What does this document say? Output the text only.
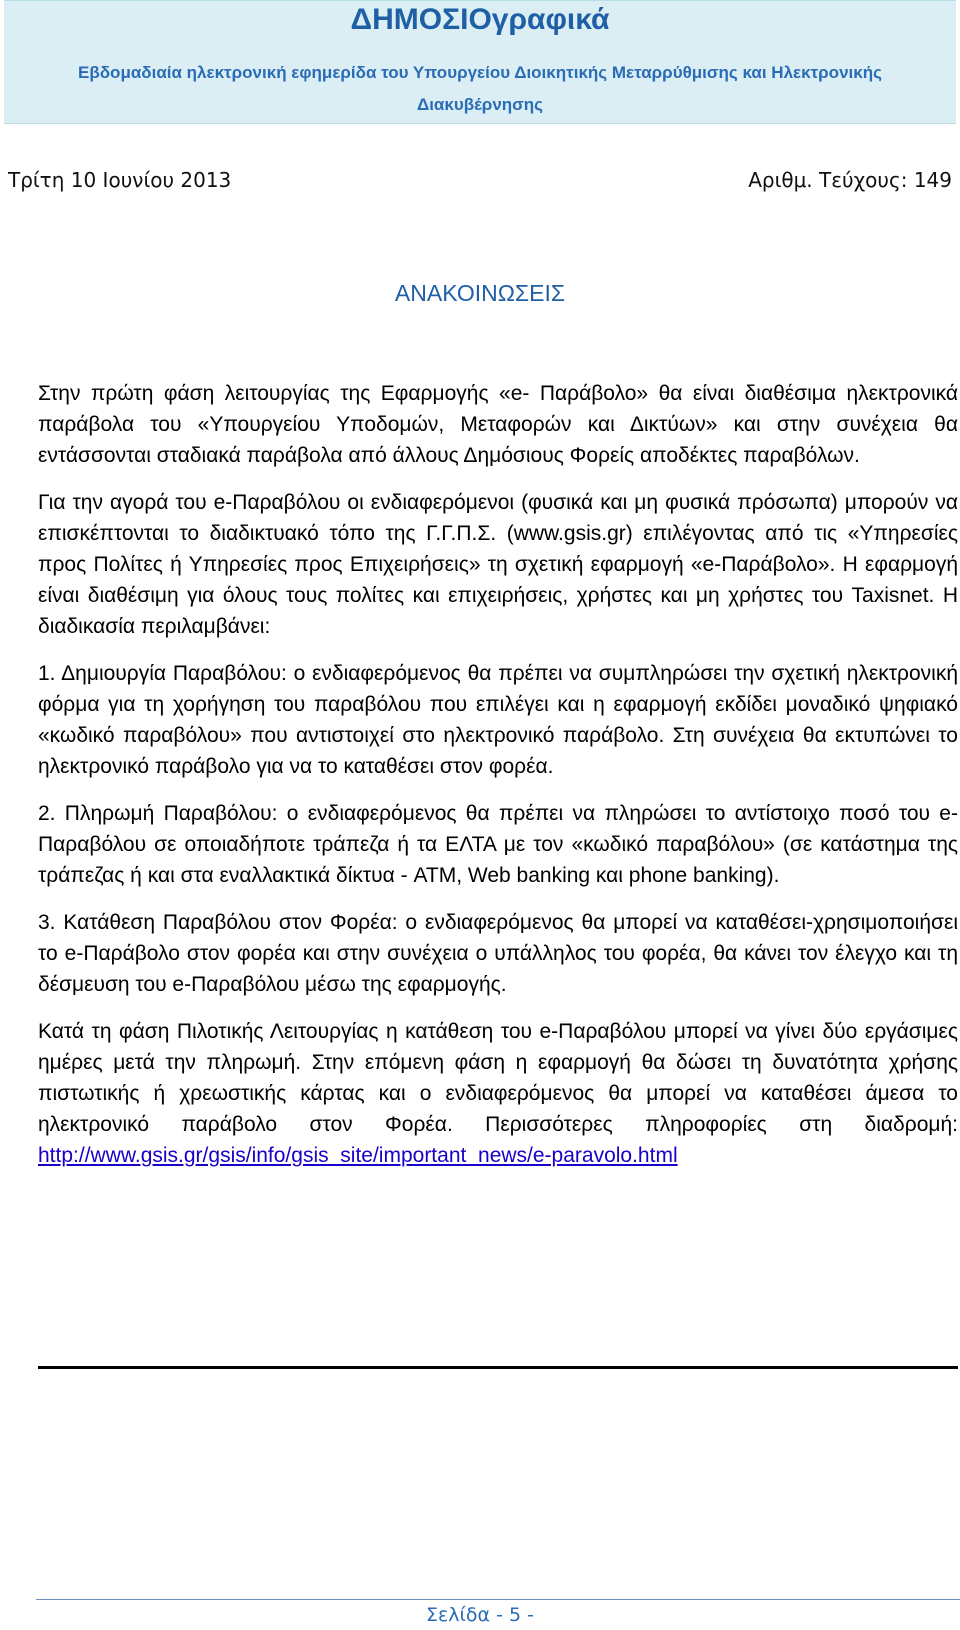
ΔΗΜΟΣΙΟγραφικά
Εβδομαδιαία ηλεκτρονική εφημερίδα του Υπουργείου Διοικητικής Μεταρρύθμισης και Ηλεκτρονικής Διακυβέρνησης
Τρίτη 10 Ιουνίου 2013	Αριθμ. Τεύχους: 149
ΑΝΑΚΟΙΝΩΣΕΙΣ

Στην πρώτη φάση λειτουργίας της Εφαρμογής «e- Παράβολο» θα είναι διαθέσιμα ηλεκτρονικά παράβολα του «Υπουργείου Υποδομών, Μεταφορών και Δικτύων» και στην συνέχεια θα εντάσσονται σταδιακά παράβολα από άλλους Δημόσιους Φορείς αποδέκτες παραβόλων.

Για την αγορά του e-Παραβόλου οι ενδιαφερόμενοι (φυσικά και μη φυσικά πρόσωπα) μπορούν να επισκέπτονται το διαδικτυακό τόπο της Γ.Γ.Π.Σ. (www.gsis.gr) επιλέγοντας από τις «Υπηρεσίες προς Πολίτες ή Υπηρεσίες προς Επιχειρήσεις» τη σχετική εφαρμογή «e-Παράβολο». Η εφαρμογή είναι διαθέσιμη για όλους τους πολίτες και επιχειρήσεις, χρήστες και μη χρήστες του Taxisnet. Η διαδικασία περιλαμβάνει:

1. Δημιουργία Παραβόλου: ο ενδιαφερόμενος θα πρέπει να συμπληρώσει την σχετική ηλεκτρονική φόρμα για τη χορήγηση του παραβόλου που επιλέγει και η εφαρμογή εκδίδει μοναδικό ψηφιακό «κωδικό παραβόλου» που αντιστοιχεί στο ηλεκτρονικό παράβολο. Στη συνέχεια θα εκτυπώνει το ηλεκτρονικό παράβολο για να το καταθέσει στον φορέα.

2. Πληρωμή Παραβόλου: ο ενδιαφερόμενος θα πρέπει να πληρώσει το αντίστοιχο ποσό του e-Παραβόλου σε οποιαδήποτε τράπεζα ή τα ΕΛΤΑ με τον «κωδικό παραβόλου» (σε κατάστημα της τράπεζας ή και στα εναλλακτικά δίκτυα - ATM, Web banking και phone banking).

3. Κατάθεση Παραβόλου στον Φορέα: ο ενδιαφερόμενος θα μπορεί να καταθέσει-χρησιμοποιήσει το e-Παράβολο στον φορέα και στην συνέχεια ο υπάλληλος του φορέα, θα κάνει τον έλεγχο και τη δέσμευση του e-Παραβόλου μέσω της εφαρμογής.

Κατά τη φάση Πιλοτικής Λειτουργίας η κατάθεση του e-Παραβόλου μπορεί να γίνει δύο εργάσιμες ημέρες μετά την πληρωμή. Στην επόμενη φάση η εφαρμογή θα δώσει τη δυνατότητα χρήσης πιστωτικής ή χρεωστικής κάρτας και ο ενδιαφερόμενος θα μπορεί να καταθέσει άμεσα το ηλεκτρονικό παράβολο στον Φορέα. Περισσότερες πληροφορίες στη διαδρομή: http://www.gsis.gr/gsis/info/gsis_site/important_news/e-paravolo.html

Σελίδα - 5 -
